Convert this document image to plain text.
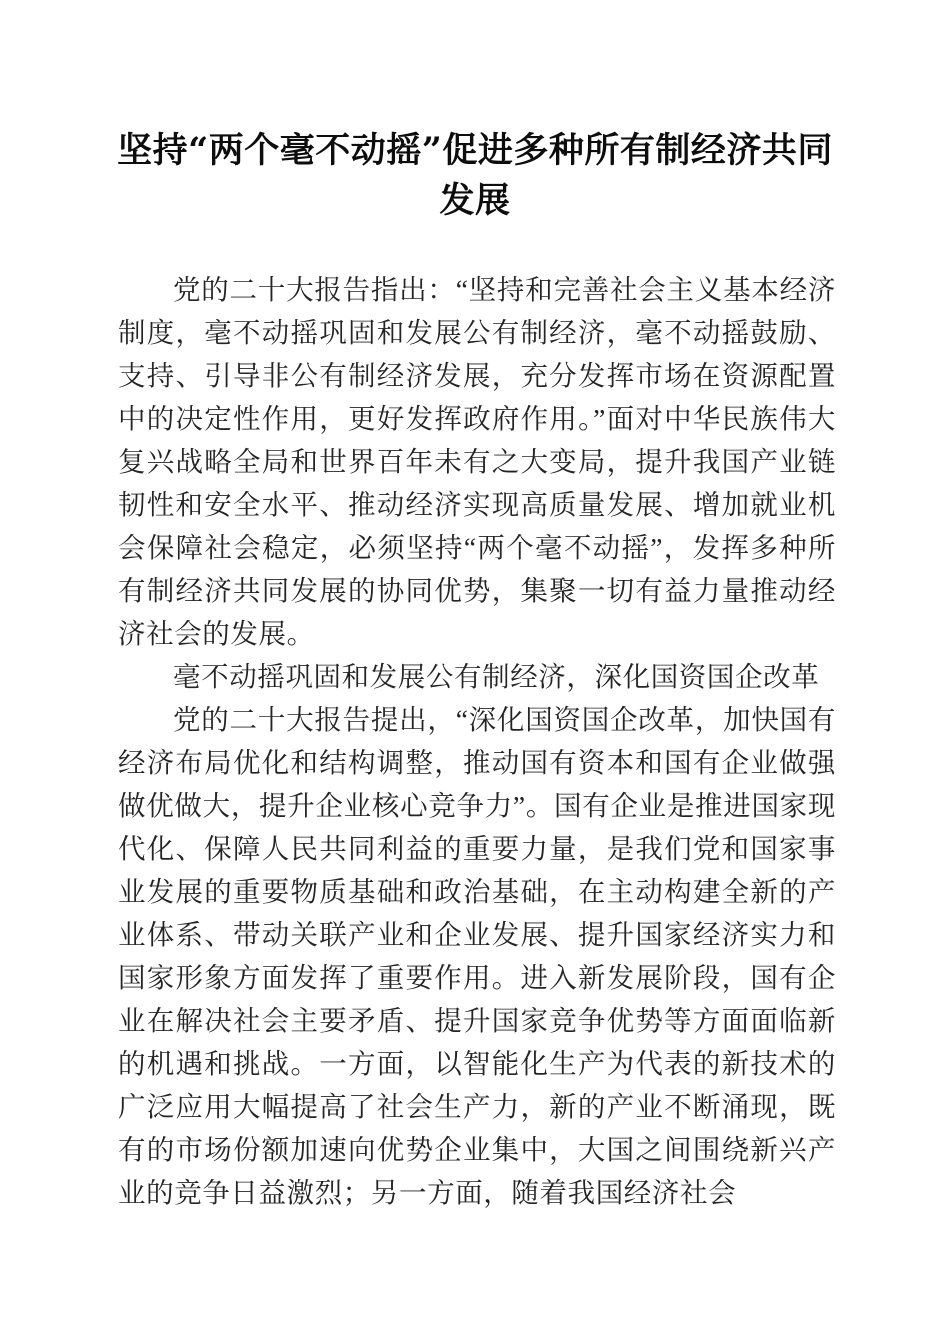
坚持“两个毫不动摇”促进多种所有制经济共同发展

党的二十大报告指出：“坚持和完善社会主义基本经济制度，毫不动摇巩固和发展公有制经济，毫不动摇鼓励、支持、引导非公有制经济发展，充分发挥市场在资源配置中的决定性作用，更好发挥政府作用。”面对中华民族伟大复兴战略全局和世界百年未有之大变局，提升我国产业链韧性和安全水平、推动经济实现高质量发展、增加就业机会保障社会稳定，必须坚持“两个毫不动摇”，发挥多种所有制经济共同发展的协同优势，集聚一切有益力量推动经济社会的发展。

毫不动摇巩固和发展公有制经济，深化国资国企改革

党的二十大报告提出，“深化国资国企改革，加快国有经济布局优化和结构调整，推动国有资本和国有企业做强做优做大，提升企业核心竞争力”。国有企业是推进国家现代化、保障人民共同利益的重要力量，是我们党和国家事业发展的重要物质基础和政治基础，在主动构建全新的产业体系、带动关联产业和企业发展、提升国家经济实力和国家形象方面发挥了重要作用。进入新发展阶段，国有企业在解决社会主要矛盾、提升国家竞争优势等方面面临新的机遇和挑战。一方面，以智能化生产为代表的新技术的广泛应用大幅提高了社会生产力，新的产业不断涌现，既有的市场份额加速向优势企业集中，大国之间围绕新兴产业的竞争日益激烈；另一方面，随着我国经济社会
